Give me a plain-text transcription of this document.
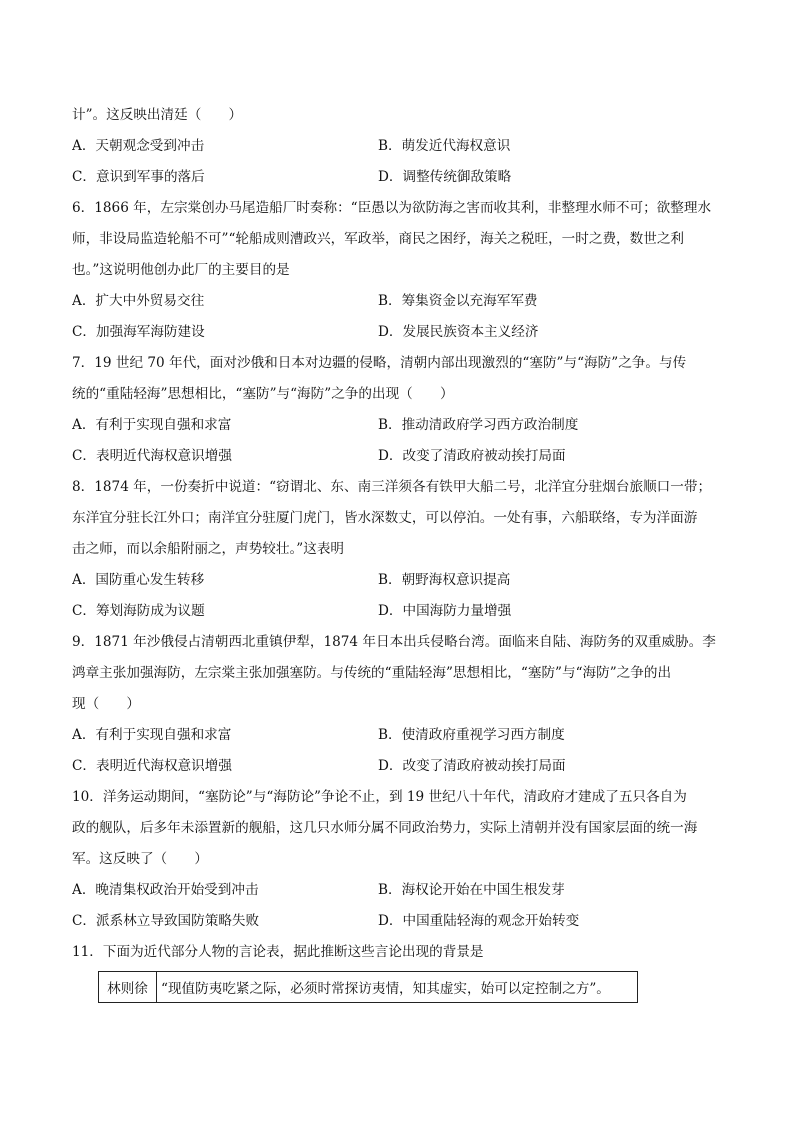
计”。这反映出清廷（　　）
A．天朝观念受到冲击	B．萌发近代海权意识
C．意识到军事的落后	D．调整传统御敌策略
6．1866 年，左宗棠创办马尾造船厂时奏称：“臣愚以为欲防海之害而收其利，非整理水师不可；欲整理水
师，非设局监造轮船不可”“轮船成则漕政兴，军政举，商民之困纾，海关之税旺，一时之费，数世之利
也。”这说明他创办此厂的主要目的是
A．扩大中外贸易交往	B．筹集资金以充海军军费
C．加强海军海防建设	D．发展民族资本主义经济
7．19 世纪 70 年代，面对沙俄和日本对边疆的侵略，清朝内部出现激烈的“塞防”与“海防”之争。与传
统的“重陆轻海”思想相比，“塞防”与“海防”之争的出现（　　）
A．有利于实现自强和求富	B．推动清政府学习西方政治制度
C．表明近代海权意识增强	D．改变了清政府被动挨打局面
8．1874 年，一份奏折中说道：“窃谓北、东、南三洋须各有铁甲大船二号，北洋宜分驻烟台旅顺口一带；
东洋宜分驻长江外口；南洋宜分驻厦门虎门，皆水深数丈，可以停泊。一处有事，六船联络，专为洋面游
击之师，而以余船附丽之，声势较壮。”这表明
A．国防重心发生转移	B．朝野海权意识提高
C．筹划海防成为议题	D．中国海防力量增强
9．1871 年沙俄侵占清朝西北重镇伊犁，1874 年日本出兵侵略台湾。面临来自陆、海防务的双重威胁。李
鸿章主张加强海防，左宗棠主张加强塞防。与传统的“重陆轻海”思想相比，“塞防”与“海防”之争的出
现（　　）
A．有利于实现自强和求富	B．使清政府重视学习西方制度
C．表明近代海权意识增强	D．改变了清政府被动挨打局面
10．洋务运动期间，“塞防论”与“海防论”争论不止，到 19 世纪八十年代，清政府才建成了五只各自为
政的舰队，后多年未添置新的舰船，这几只水师分属不同政治势力，实际上清朝并没有国家层面的统一海
军。这反映了（　　）
A．晚清集权政治开始受到冲击	B．海权论开始在中国生根发芽
C．派系林立导致国防策略失败	D．中国重陆轻海的观念开始转变
11．下面为近代部分人物的言论表，据此推断这些言论出现的背景是
林则徐 “现值防夷吃紧之际，必须时常探访夷情，知其虚实，始可以定控制之方”。
